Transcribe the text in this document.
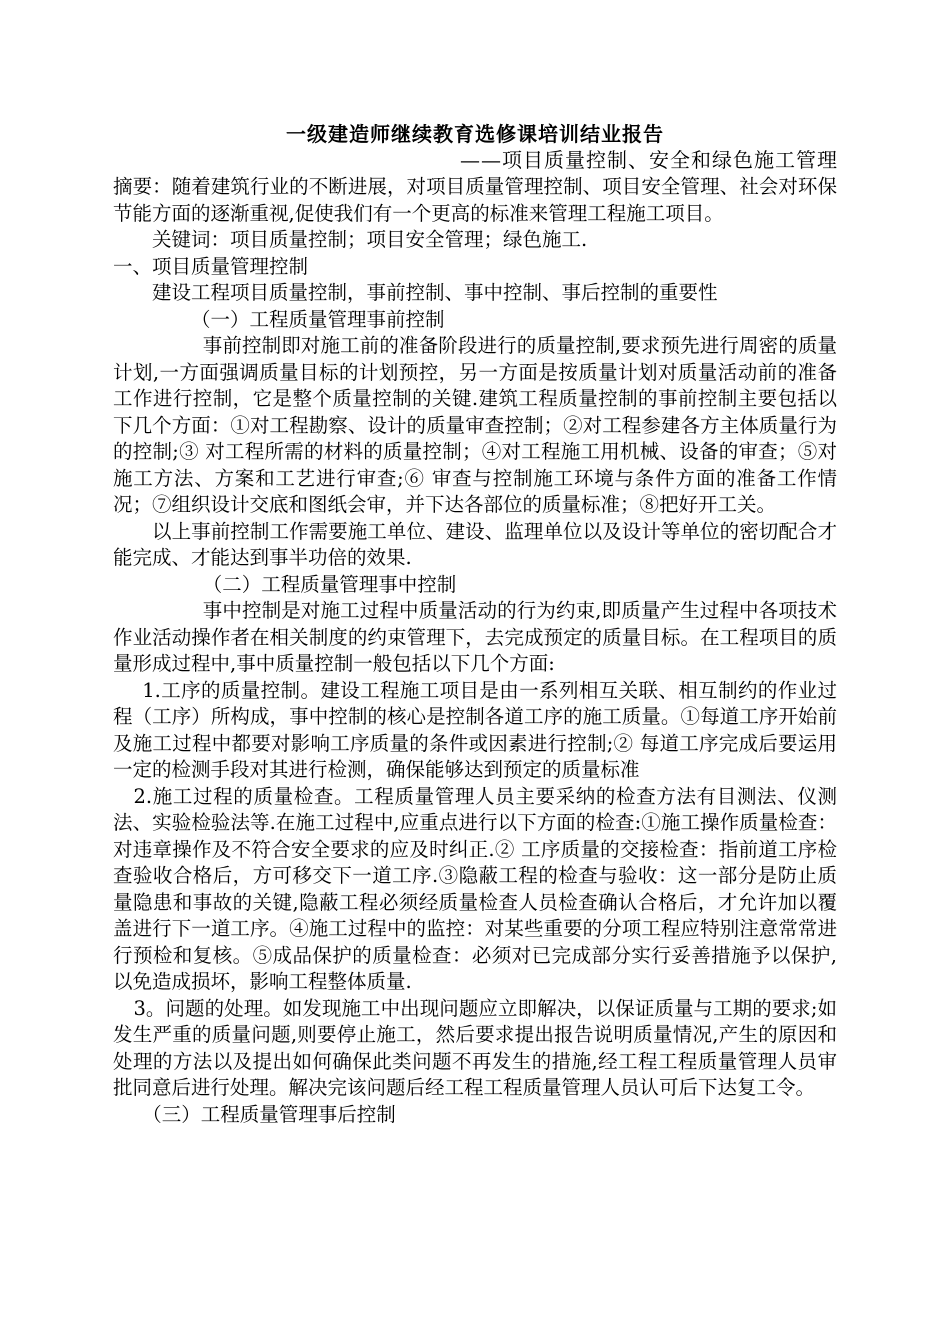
一级建造师继续教育选修课培训结业报告
——项目质量控制、安全和绿色施工管理

摘要：随着建筑行业的不断进展，对项目质量管理控制、项目安全管理、社会对环保节能方面的逐渐重视,促使我们有一个更高的标准来管理工程施工项目。

关键词：项目质量控制；项目安全管理；绿色施工.

一、项目质量管理控制

建设工程项目质量控制，事前控制、事中控制、事后控制的重要性

（一）工程质量管理事前控制

事前控制即对施工前的准备阶段进行的质量控制,要求预先进行周密的质量计划,一方面强调质量目标的计划预控，另一方面是按质量计划对质量活动前的准备工作进行控制，它是整个质量控制的关键.建筑工程质量控制的事前控制主要包括以下几个方面：①对工程勘察、设计的质量审查控制；②对工程参建各方主体质量行为的控制;③ 对工程所需的材料的质量控制；④对工程施工用机械、设备的审查；⑤对施工方法、方案和工艺进行审查;⑥ 审查与控制施工环境与条件方面的准备工作情况；⑦组织设计交底和图纸会审，并下达各部位的质量标准；⑧把好开工关。

以上事前控制工作需要施工单位、建设、监理单位以及设计等单位的密切配合才能完成、才能达到事半功倍的效果.

（二）工程质量管理事中控制

事中控制是对施工过程中质量活动的行为约束,即质量产生过程中各项技术作业活动操作者在相关制度的约束管理下，去完成预定的质量目标。在工程项目的质量形成过程中,事中质量控制一般包括以下几个方面:

1.工序的质量控制。建设工程施工项目是由一系列相互关联、相互制约的作业过程（工序）所构成，事中控制的核心是控制各道工序的施工质量。①每道工序开始前及施工过程中都要对影响工序质量的条件或因素进行控制;② 每道工序完成后要运用一定的检测手段对其进行检测，确保能够达到预定的质量标准

2.施工过程的质量检查。工程质量管理人员主要采纳的检查方法有目测法、仪测法、实验检验法等.在施工过程中,应重点进行以下方面的检查:①施工操作质量检查：对违章操作及不符合安全要求的应及时纠正.② 工序质量的交接检查：指前道工序检查验收合格后，方可移交下一道工序.③隐蔽工程的检查与验收：这一部分是防止质量隐患和事故的关键,隐蔽工程必须经质量检查人员检查确认合格后，才允许加以覆盖进行下一道工序。④施工过程中的监控：对某些重要的分项工程应特别注意常常进行预检和复核。⑤成品保护的质量检查：必须对已完成部分实行妥善措施予以保护,以免造成损坏，影响工程整体质量.

3。问题的处理。如发现施工中出现问题应立即解决，以保证质量与工期的要求;如发生严重的质量问题,则要停止施工，然后要求提出报告说明质量情况,产生的原因和处理的方法以及提出如何确保此类问题不再发生的措施,经工程工程质量管理人员审批同意后进行处理。解决完该问题后经工程工程质量管理人员认可后下达复工令。

（三）工程质量管理事后控制
